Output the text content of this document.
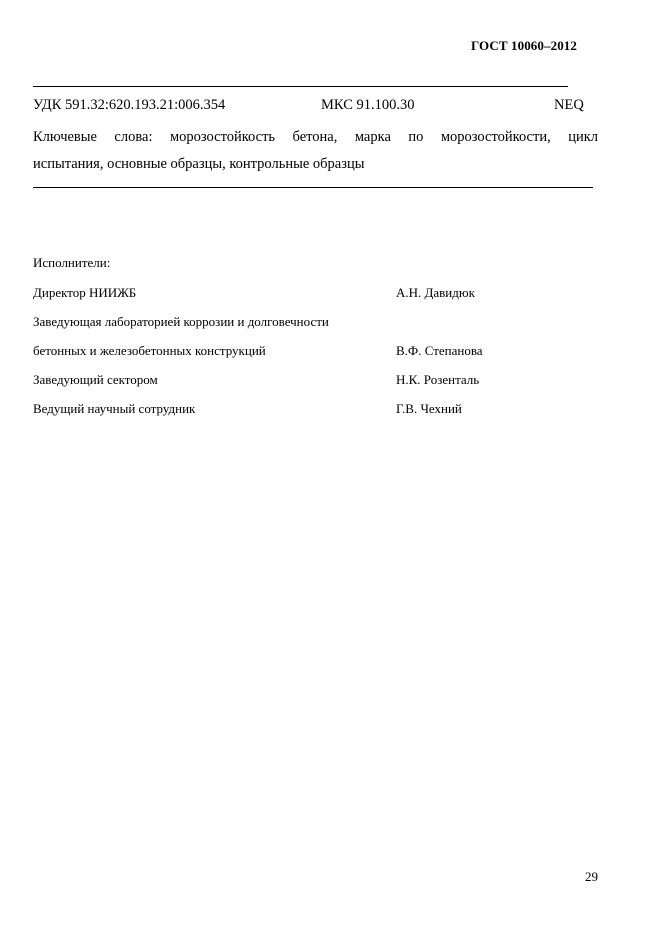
ГОСТ 10060–2012
УДК 591.32:620.193.21:006.354	МКС 91.100.30	NEQ
Ключевые слова: морозостойкость бетона, марка по морозостойкости, цикл
испытания, основные образцы, контрольные образцы
Исполнители:
Директор НИИЖБ	А.Н. Давидюк
Заведующая лабораторией коррозии и долговечности
бетонных и железобетонных конструкций	В.Ф. Степанова
Заведующий сектором	Н.К. Розенталь
Ведущий научный сотрудник	Г.В. Чехний
29
